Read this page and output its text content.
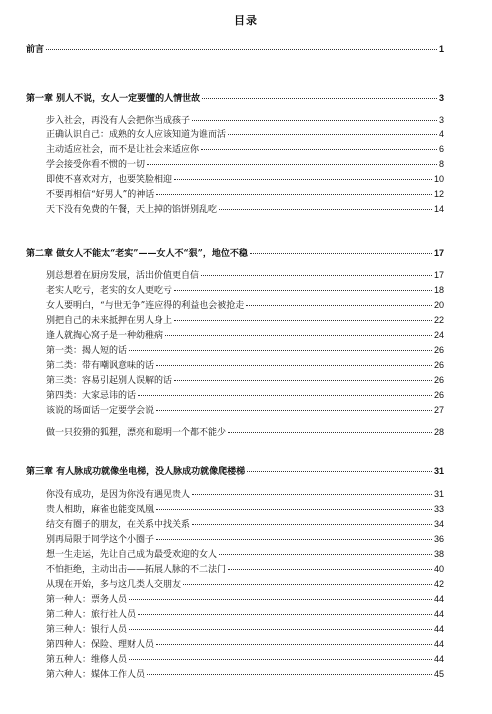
目录
前言	1
第一章 别人不说，女人一定要懂的人情世故	3
步入社会，再没有人会把你当成孩子	3
正确认识自己：成熟的女人应该知道为谁而活	4
主动适应社会，而不是让社会来适应你	6
学会接受你看不惯的一切	8
即使不喜欢对方，也要笑脸相迎	10
不要再相信“好男人”的神话	12
天下没有免费的午餐，天上掉的馅饼别乱吃	14
第二章 做女人不能太“老实”——女人不“狠”，地位不稳	17
别总想着在厨房发展，活出价值更自信	17
老实人吃亏，老实的女人更吃亏	18
女人要明白，“与世无争”连应得的利益也会被抢走	20
别把自己的未来抵押在男人身上	22
逢人就掏心窝子是一种幼稚病	24
第一类：揭人短的话	26
第二类：带有嘲讽意味的话	26
第三类：容易引起别人误解的话	26
第四类：大家忌讳的话	26
该说的场面话一定要学会说	27
做一只狡猾的狐狸，漂亮和聪明一个都不能少	28
第三章 有人脉成功就像坐电梯，没人脉成功就像爬楼梯	31
你没有成功，是因为你没有遇见贵人	31
贵人相助，麻雀也能变凤凰	33
结交有圈子的朋友，在关系中找关系	34
别再局限于同学这个小圈子	36
想一生走运，先让自己成为最受欢迎的女人	38
不怕拒绝，主动出击——拓展人脉的不二法门	40
从现在开始，多与这几类人交朋友	42
第一种人：票务人员	44
第二种人：旅行社人员	44
第三种人：银行人员	44
第四种人：保险、理财人员	44
第五种人：维修人员	44
第六种人：媒体工作人员	45
